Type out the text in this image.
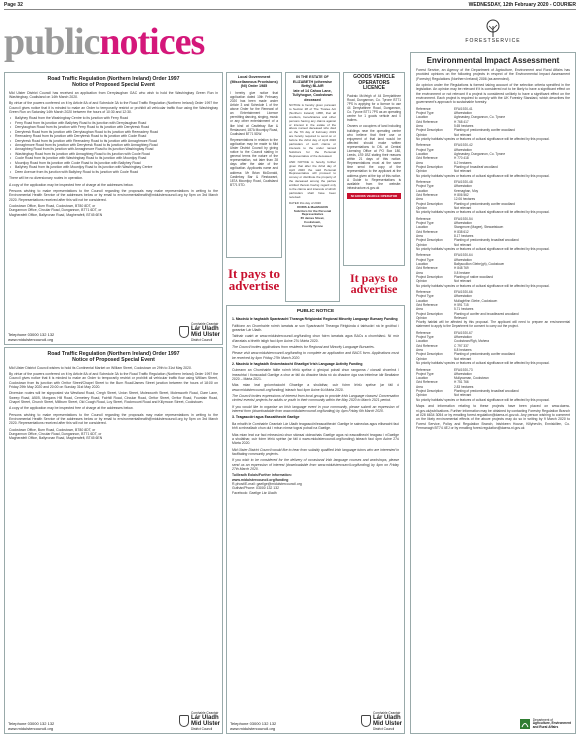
Page 32	WEDNESDAY, 12th February 2020 - COURIER
publicnotices
Road Traffic Regulation (Northern Ireland) Order 1997
Notice of Proposed Special Event
Mid Ulster District Council has received an application from Derrylaughan GAC who wish to hold the Washingbay Green Run in Washingbay, Coalisland on 14th March 2020.
By virtue of the powers conferred on it by Article 8A of and Schedule 3A to the Road Traffic Regulation (Northern Ireland) Order 1997 the Council gives notice that it is minded to make an Order to temporarily restrict or prohibit all vehicular traffic flow using the Washingbay Green Run on Saturday 14th March 2020 between the hours of 10:30 and 12:30.
• Ballyhey Road from the Washingbay Centre to its junction with Ferry Road
• Ferry Road from its junction with Ballyhey Road to its junction with Derrylaughan Road
• Derrylaughan Road from its junction with Ferry Road to its junction with Derrytresk Road
• Derrytresk Road from its junction with Derrylaughan Road to its junction with Reenadery Road
• Reenadery Road from its junction with Derrytresk Road to its junction with Coole Road
• Derrytresk Road from its junction with Reenadery Road to its junction with Annaghmore Road
• Annaghmore Road from its junction with Derrytresk Road to its junction with Annaghbeg Road
• Annaghbeg Road from its junction with Annaghmore Road to its junction Washingbay Road
• Washingbay Road from its junction with Annaghbeg Road to its junction with Coole Road
• Coole Road from its junction with Washingbay Road to its junction with Mountjoy Road
• Mountjoy Road from its junction with Coole Road to its junction with Ballyhey Road
• Ballyhey Road from its junction with Mountjoy Road to its junction with Washingbay Centre
• Deen Avenue from its junction with Ballyhey Road to its junction with Coole Road
There will be no diversionary routes in operation.
A copy of the application may be inspected free of charge at the addresses below.
Persons wishing to make representations to the Council regarding the proposals may make representations in writing to the Environmental Health Service of the addresses below or by email to environmentalhealth@midulstercouncil.org by 5pm on 3rd March 2020. Representations received after this will not be considered.
Cookstown Office, Burn Road, Cookstown, BT80 8DT, or
Dungannon Office, Circular Road, Dungannon, BT71 6DT, or
Magherafelt Office, Ballyronan Road, Magherafelt, BT45 6EN
Telephone 03000 132 132
www.midulstercouncil.org
Comhairle Ceantair
Lár Uladh
Mid Ulster
District Council
Road Traffic Regulation (Northern Ireland) Order 1997
Notice of Proposed Special Event
Mid Ulster District Council wishes to hold its Continental Market on William Street, Cookstown on 29th to 31st May 2020.
By virtue of the powers conferred on it by Article 8A of and Schedule 3A to the Road Traffic Regulation (Northern Ireland) Order 1997 the Council gives notice that it is minded to make an Order to temporarily restrict or prohibit all vehicular traffic flow using William Street, Cookstown from its junction with Orritor Street/Chapel Street to the Burn Road/James Street junction between the hours of 18:00 on Friday 29th May 2020 and 20:00 on Sunday 31st May 2020.
Diversion routes will be signposted via Westland Road, Cregh Street, Union Street, Molesworth Street, Molesworth Road, Clare Lane, Sweep Road, A505, Morgans Hill Road, Cemetery Road, Fairhill Road, Circular Road, Orritor Street, Orritor Road, Fountain Road, Chapel Street, Church Street, Millburn Street, Old Coagh Road, Loy Street, Rockmount Road and Killymoon Street, Cookstown.
A copy of the application may be inspected free of charge at the addresses below.
Persons wishing to make representations to the Council regarding the proposals may make representations in writing to the Environmental Health Service of the addresses below or by email to environmentalhealth@midulstercouncil.org by 5pm on 3rd March 2020. Representations received after this will not be considered.
Cookstown Office, Burn Road, Cookstown, BT80 8DT, or
Dungannon Office, Circular Road, Dungannon, BT71 6DT, or
Magherafelt Office, Ballyronan Road, Magherafelt, BT45 6EN
Telephone 03000 132 132
www.midulstercouncil.org
Comhairle Ceantair
Lár Uladh
Mid Ulster
District Council
Local Government (Miscellaneous Provisions) (NI) Order 1985
I hereby give notice that application dated 10th February 2020 has been made under Article 3 and Schedule 1 of the above Order for the Renewal of an Entertainment Licence permitting dancing, singing, music or any other entertainment of a like kind at Castlebay Bar & Restaurant, 187A Mountjoy Road, Coalisland BT71 5DW.
Representations in relation to the application may be made to Mid Ulster District Council by giving notice to the Council stating in general terms the nature of the representation, not later than 28 days after the date of the application. Applicants name and address: Mr Brian McDonald, Castlebay Bar & Restaurant, 187A Mountjoy Road, Coalisland BT71 5TD.
It pays to
advertise
IN THE ESTATE OF ELIZABETH (otherwise Betty) BLAIR
late of 14 Cahoo Lane, Tullyhogue, Cookstown deceased
NOTICE is hereby given pursuant to Section 28 of The Trustee Act (Northern Ireland) 1958, that all creditors, beneficiaries and other persons having any claims against or interest in the estate of the above named deceased who died on the 7th day of February 2019 are hereby required to send on or before the 22nd day of April 2020 particulars of such claims or interests to the under named Solicitors for the Personal Representative of the deceased.
AND NOTICE is hereby further given that after the 22nd day of April 2020 the said Personal Representative will proceed to convey or distribute the property of the deceased among the parties entitled thereto having regard only to the claims and interests of which particulars shall have been received.
DATED this day of 2020
DORIS & MacMAHON
Solicitors for the Personal Representative
65 James Street,
Cookstown,
County Tyrone
GOODS VEHICLE OPERATORS LICENCE
Padraic McVeigh of 44 Derrylattinee Road, Dungannon, Co. Tyrone BT71 7PS is applying for a licence to use 44 Derrylattinee Road, Dungannon, Co. Tyrone BT71 7PS as an operating centre for 1 goods vehicle and 0 trailers.
Owners or occupiers of land including buildings near the operating centre who believe that their use or enjoyment of that land would be affected should make written representations to DfL at Central Licensing Office at PO Box 180, Leeds, LS9 1BZ stating their reasons within 21 days of this notice. Representations must at the same time send the copy of the representation to the applicant at the address given at the top of this notice. A Guide to Representations is available from the website: infrastructure-ni.gov.uk
NI GOODS VEHICLE OPERATOR
It pays to
advertise
PUBLIC NOTICE
1. Maoiniú le haghaidh Sparánacht Theanga Réigiúnda/ Regional Minority Language Bursary Funding
Fáiltíonn an Chomhairle roimh iarratais ar son Sparánacht Theanga Réigiúnda ó tairiscóirí ná le gnóthaí i gceantar Lár Uladh.
Tabhair cuairt ar www.midulstercouncil.org/funding chun foirm iarratais agus BACs a chomhlánú. Ní mór d'iarratais a bheith istigh faoi 4pm Aoine 27ú Márta 2020.
The Council invites applications from residents for Regional and Minority Language Bursaries.
Please visit www.midulstercouncil.org/funding to complete an application and BACS form. Applications must be received by 4pm Friday 27th March 2020.
2. Maoiniú le haghaidh Gníomhaíocht Ghaeilge/ Irish Language Activity Funding
Cuireann an Chomhairle fáilte roimh léiriú spéise ó ghrúpaí pobail chun ranganna / ciorcail chomhrá / imeachtaí / tionscadail Gaeilge a chur ar fáil do dhaoine fásta nó do dhaoine óga sna tréimhse idir Bealtaine 2020 – Márta 2021.
Más mian leat gníomhaíocht Ghaeilge a sholáthar, cuir foirm léiriú spéise (ar fáil ó www.midulstercouncil.org/funding) isteach faoi 4pm Aoine 6ú Márta 2020.
The Council invites expressions of interest from local groups to provide Irish Language classes/ Conversation circles/ events/ projects for adults or youth in their community within the May 2020 to March 2021 period.
If you would like to organise an Irish language event in your community, please submit an expression of interest form (downloadable from www.midulstercouncil.org/funding) by 4pm Friday 6th March 2020.
3. Teagascóirí agus Eascaitheoirí Gaeilge
Ba mhaith le Comhairle Ceantair Lár Uladh teagascóirí/eascaitheoirí Gaeilge le saineolas agus eiliseacht faoi bhfí a mheallach chun dul i mbun nimse tograí pobail na Gaeilge.
Más mian leat cur faoi mheasúnú chun stánsaí oideachais Gaeilge agus nó eascaitheoir/ teagasc i nGaeilge a sholáthar, cuir foirm léiriú spéise (ar fáil ó www.midulstercouncil.org/funding) isteach faoi 4pm Aoine 27ú Márta 2020.
Mid Ulster District Council would like to hear from suitably qualified Irish language tutors who are interested in facilitating community projects.
If you wish to be considered for the delivery of occasional Irish language courses and workshops, please send us an expression of interest (downloadable from www.midulstercouncil.org/funding) by 4pm on Friday 27th March 2020.
Tuilleadh Eolais/Further information:
www.midulstercouncil.org/funding
R-phost/E-mail: gaeilge@midulstercouncil.org
Guthán/Phone: 03000 132 132
Facebook: Gaeilge Lár Uladh
Telephone 03000 132 132
www.midulstercouncil.org
Comhairle Ceantair
Lár Uladh
Mid Ulster
District Council
FORESTSERVICE
Environmental Impact Assessment
Forest Service, an Agency of the Department of Agriculture, Environment and Rural Affairs has provided opinions on the following projects in respect of the Environmental Impact Assessment (Forestry) Regulations (Northern Ireland) 2006 (as amended).
An opinion under the Regulations is formed taking account of the selection criteria specified in the legislation. An opinion may be relevant if it is considered not to be likely to have a significant effect on the environment or not relevant if a project is considered unlikely to have a significant effect on the environment. Each project is required to comply with the UK Forestry Standard, which describes the government's approach to sustainable forestry.
Reference	EFA/1920-41
Project Type	Afforestation
Location	Aghnaskey, Dungannon, Co. Tyrone
Grid Reference	H 768 417
Area	5.65 hectares
Project Description	Planting of predominantly conifer woodland
Opinion	Not relevant
No priority habitats/ species or features of cultural significance will be affected by this proposal.
Reference	EFA/1920-42
Project Type	Afforestation
Location	Aghnaskey, Dungannon, Co. Tyrone
Grid Reference	H 770 418
Area	6.2 hectares
Project Description	Planting of broadleaf woodland
Opinion	Not relevant
No priority habitats/ species or features of cultural significance will be affected by this proposal.
Reference	EFA/1920-48
Project Type	Afforestation
Location	Keenaghan, Moy
Grid Reference	H 806 562
Area	12.06 hectares
Project Description	Planting of predominantly conifer woodland
Opinion	Not relevant
No priority habitats/ species or features of cultural significance will be affected by this proposal.
Reference	EFA/1920-54
Project Type	Afforestation
Location	Stangmore (Magee), Stewartstown
Grid Reference	H 838 612
Area	8.17 hectares
Project Description	Planting of predominantly broadleaf woodland
Opinion	Not relevant
No priority habitats/ species or features of cultural significance will be affected by this proposal.
Reference	EFA/1920-64
Project Type	Afforestation
Location	Ballyscullion Glebe(gh), Cookstown
Grid Reference	H 848 769
Area	0.8 hectare
Project Description	Planting of native woodland
Opinion	Not relevant
No priority habitats/ species or features of cultural significance will be affected by this proposal.
Reference	EFA/1920-66
Project Type	Afforestation
Location	Mullaghfinn Glebe, Cookstown
Grid Reference	H 591 715
Area	5.71 hectares
Project Description	Planting of conifer and broadleaved woodland
Opinion	Relevant
Priority habitat will be affected by this proposal. The applicant will need to prepare an environmental statement to apply to the Department for consent to carry out the project.
Reference	EFA/1920-67
Project Type	Afforestation
Location	Cookstown/Rgh, Mahera
Grid Reference	C 797 337
Area	6.8 hectares
Project Description	Planting of predominantly conifer woodland
Opinion	Not relevant
No priority habitats/ species or features of cultural significance will be affected by this proposal.
Reference	EFA/1920-73
Project Type	Afforestation
Location	Mullycarnan, Cookstown
Grid Reference	H 751 766
Area	2.83 hectares
Project Description	Planting of predominantly broadleaf woodland
Opinion	Not relevant
No priority habitats/ species or features of cultural significance will be affected by this proposal.
Maps and information relating to these projects have been placed on www.daera-ni.gov.uk/publications. Further information may be obtained by contacting Forestry Regulation Branch at 028 6634 3054 or by emailing forest.regulation@daera-ni.gov.uk. Any person wishing to comment on the likely environmental effects of the above projects may do so in writing by 9 March 2020 to Forest Service, Policy and Regulation Branch, Inishkeen House, Killyhevlin, Enniskillen, Co. Fermanagh BT74 4EJ or by emailing forest.regulation@daera-ni.gov.uk
Department of
Agriculture, Environment
and Rural Affairs
